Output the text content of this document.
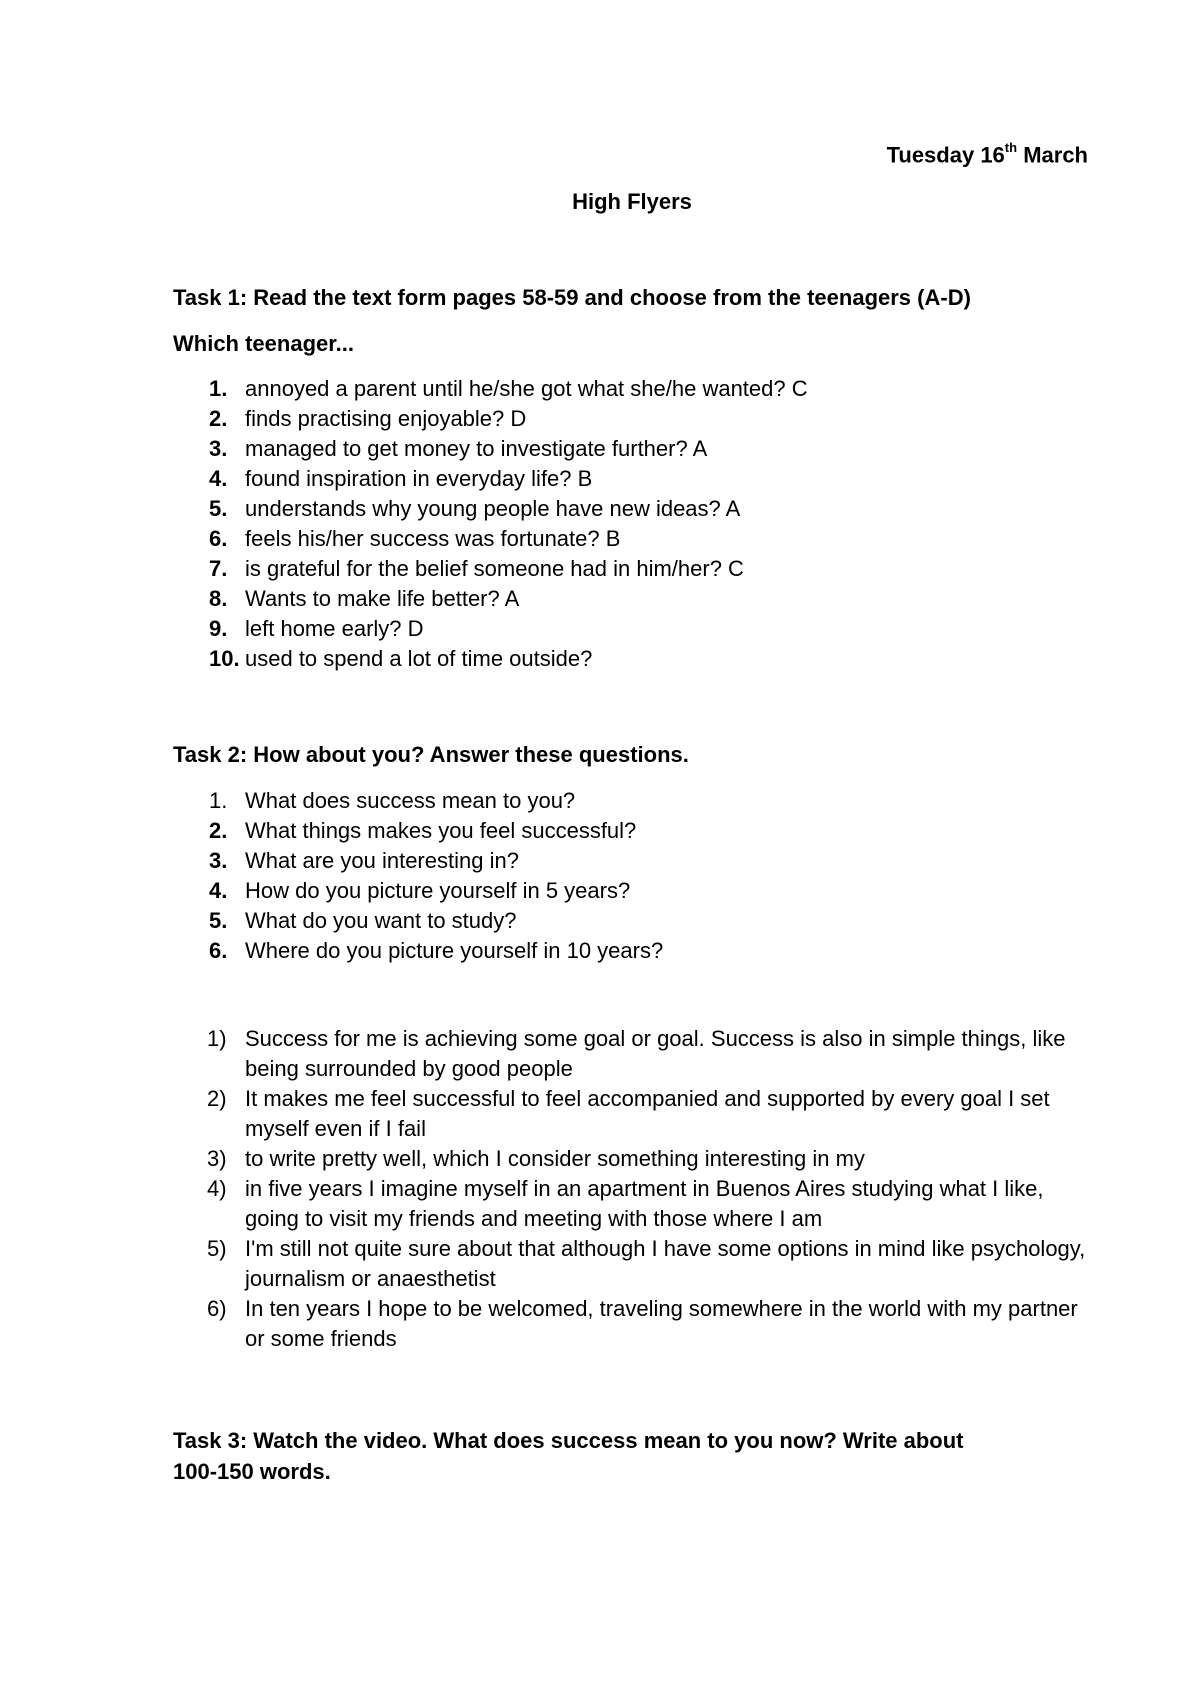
Tuesday 16th March
High Flyers
Task 1: Read the text form pages 58-59 and choose from the teenagers (A-D)
Which teenager...
1. annoyed a parent until he/she got what she/he wanted? C
2. finds practising enjoyable? D
3. managed to get money to investigate further? A
4. found inspiration in everyday life? B
5. understands why young people have new ideas? A
6. feels his/her success was fortunate? B
7. is grateful for the belief someone had in him/her? C
8. Wants to make life better? A
9. left home early? D
10. used to spend a lot of time outside?
Task 2: How about you? Answer these questions.
1. What does success mean to you?
2. What things makes you feel successful?
3. What are you interesting in?
4. How do you picture yourself in 5 years?
5. What do you want to study?
6. Where do you picture yourself in 10 years?
1) Success for me is achieving some goal or goal. Success is also in simple things, like being surrounded by good people
2) It makes me feel successful to feel accompanied and supported by every goal I set myself even if I fail
3) to write pretty well, which I consider something interesting in my
4) in five years I imagine myself in an apartment in Buenos Aires studying what I like, going to visit my friends and meeting with those where I am
5) I'm still not quite sure about that although I have some options in mind like psychology, journalism or anaesthetist
6) In ten years I hope to be welcomed, traveling somewhere in the world with my partner or some friends
Task 3: Watch the video. What does success mean to you now? Write about
100-150 words.
